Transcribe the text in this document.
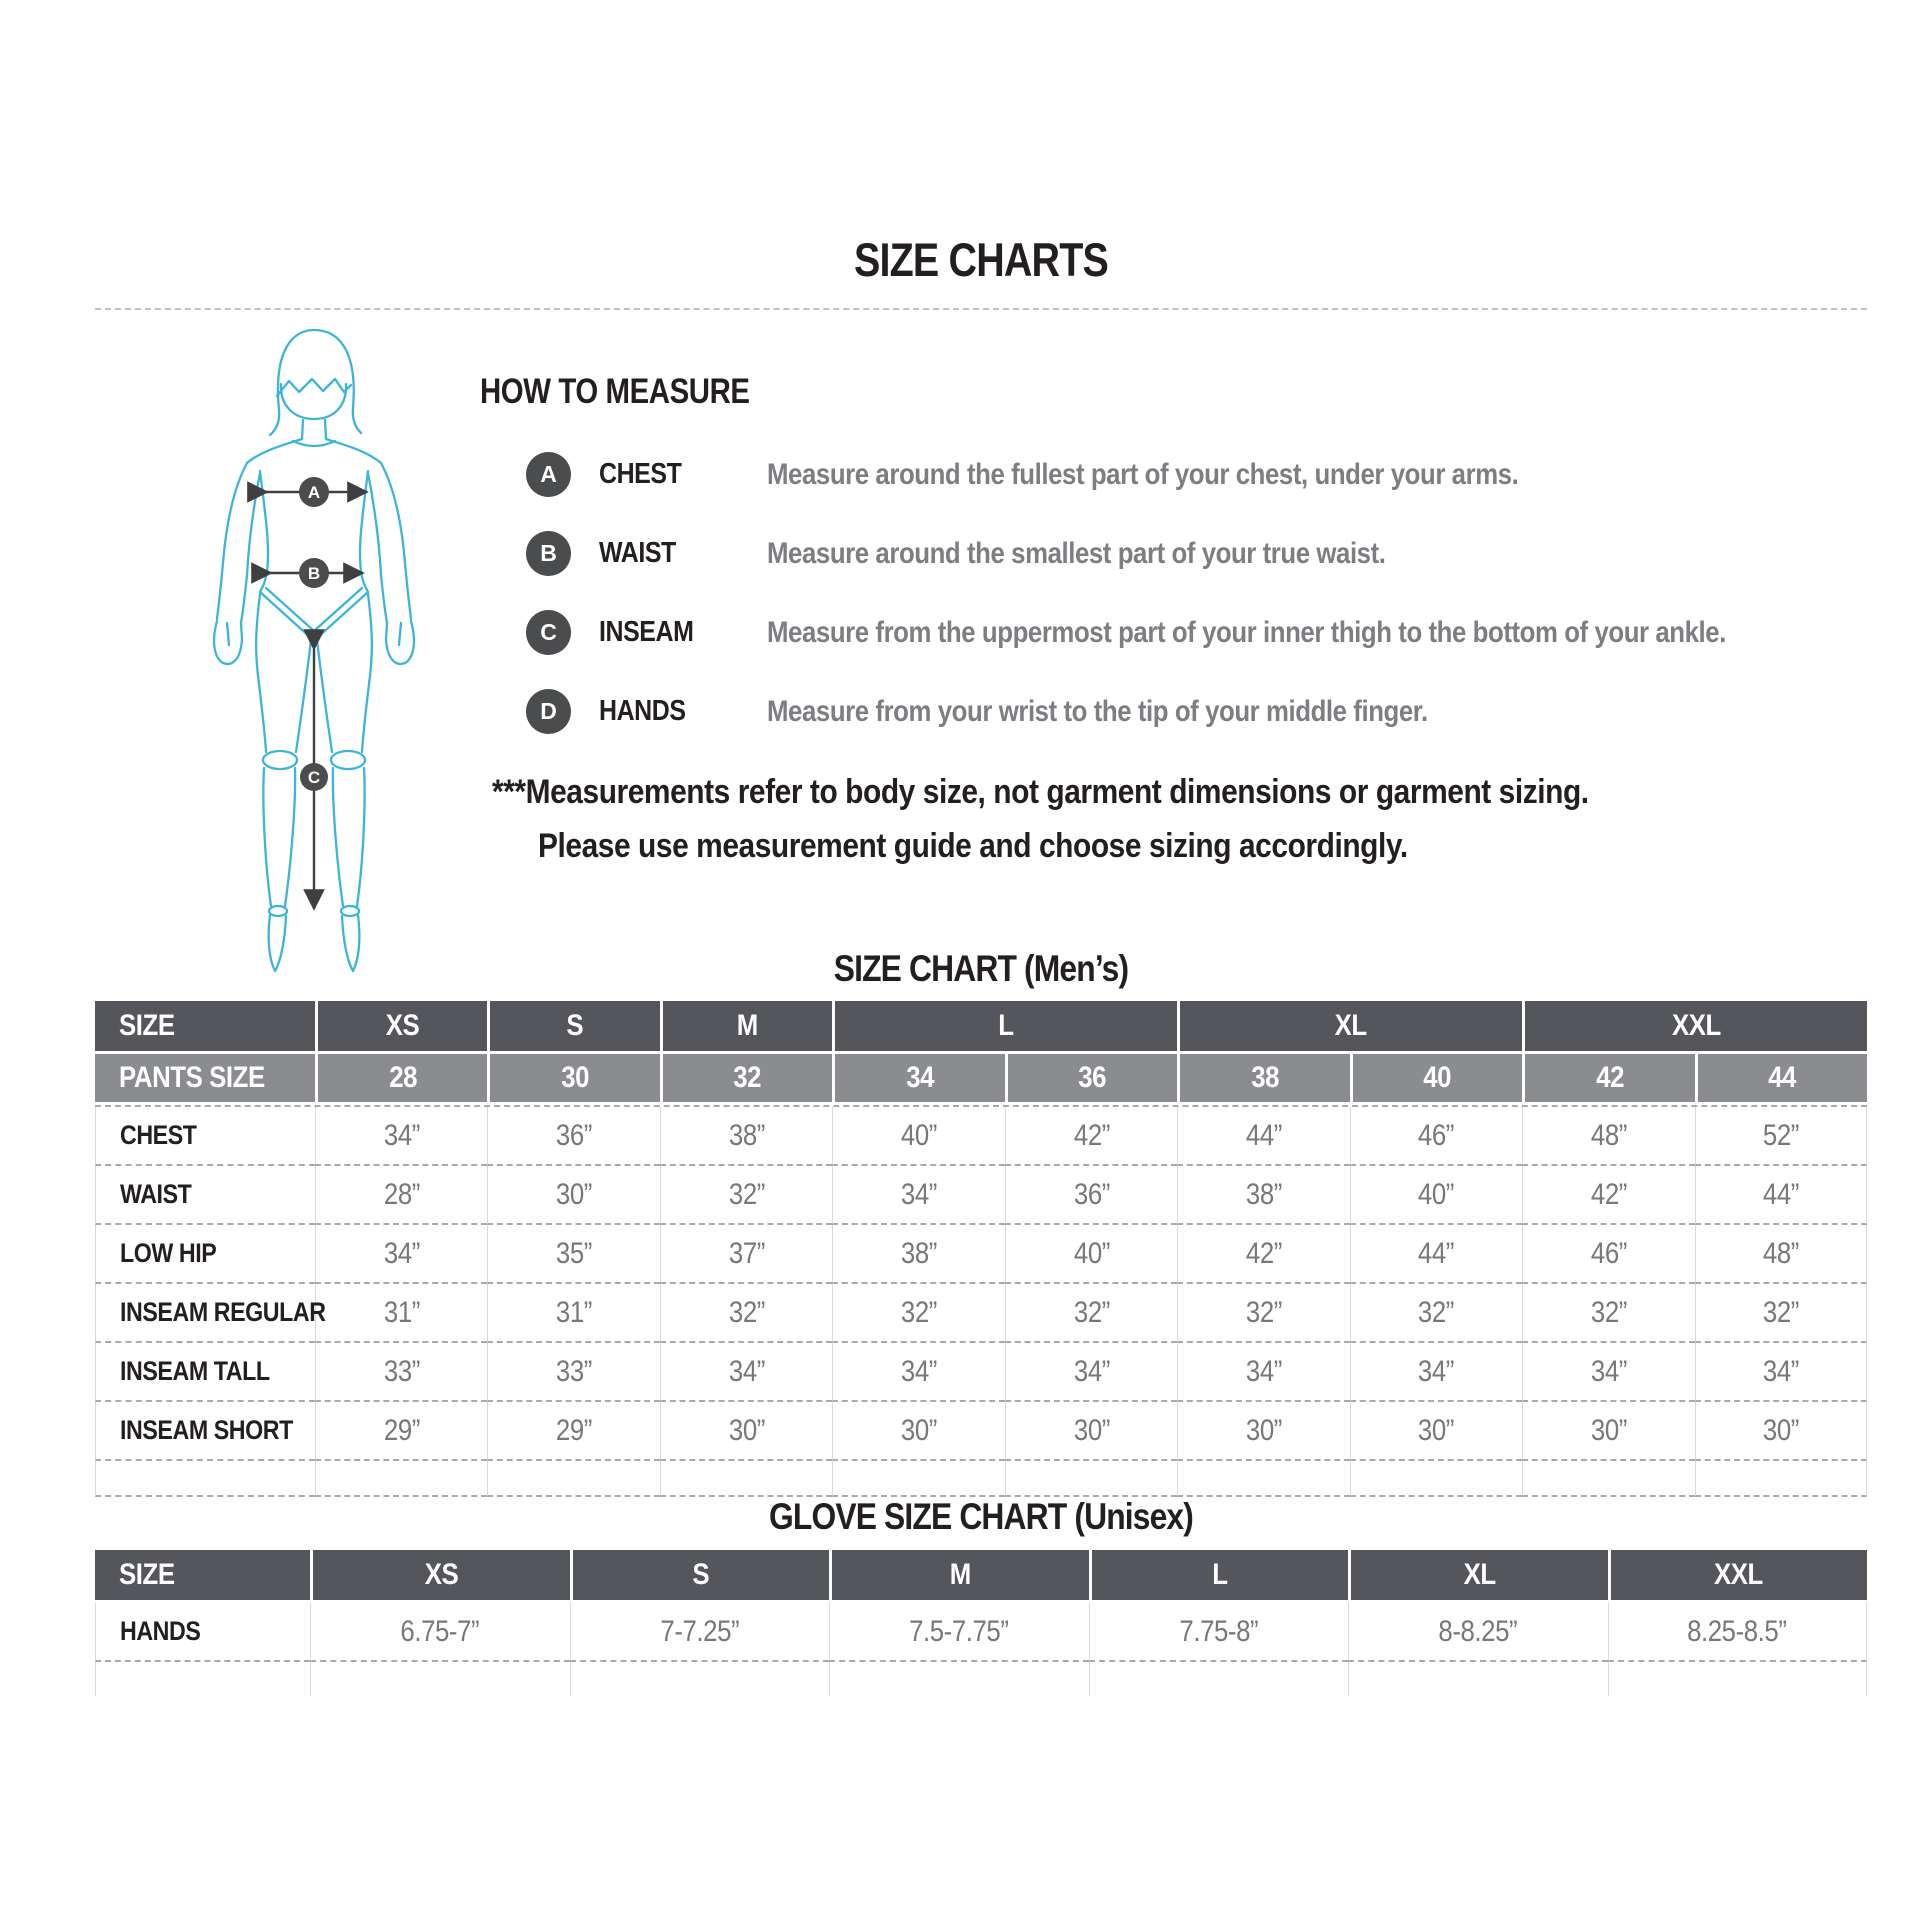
SIZE CHARTS
A
B
C
HOW TO MEASURE
A	CHEST	Measure around the fullest part of your chest, under your arms.
B	WAIST	Measure around the smallest part of your true waist.
C	INSEAM	Measure from the uppermost part of your inner thigh to the bottom of your ankle.
D	HANDS	Measure from your wrist to the tip of your middle finger.
***Measurements refer to body size, not garment dimensions or garment sizing.
Please use measurement guide and choose sizing accordingly.
SIZE CHART (Men’s)
SIZE	XS	S	M	L	XL	XXL
PANTS SIZE	28	30	32	34	36	38	40	42	44
CHEST	34”	36”	38”	40”	42”	44”	46”	48”	52”
WAIST	28”	30”	32”	34”	36”	38”	40”	42”	44”
LOW HIP	34”	35”	37”	38”	40”	42”	44”	46”	48”
INSEAM REGULAR 31”	31”	32”	32”	32”	32”	32”	32”	32”
INSEAM TALL	33”	33”	34”	34”	34”	34”	34”	34”	34”
INSEAM SHORT	29”	29”	30”	30”	30”	30”	30”	30”	30”
GLOVE SIZE CHART (Unisex)
SIZE	XS	S	M	L	XL	XXL
HANDS	6.75-7”	7-7.25”	7.5-7.75”	7.75-8”	8-8.25”	8.25-8.5”
